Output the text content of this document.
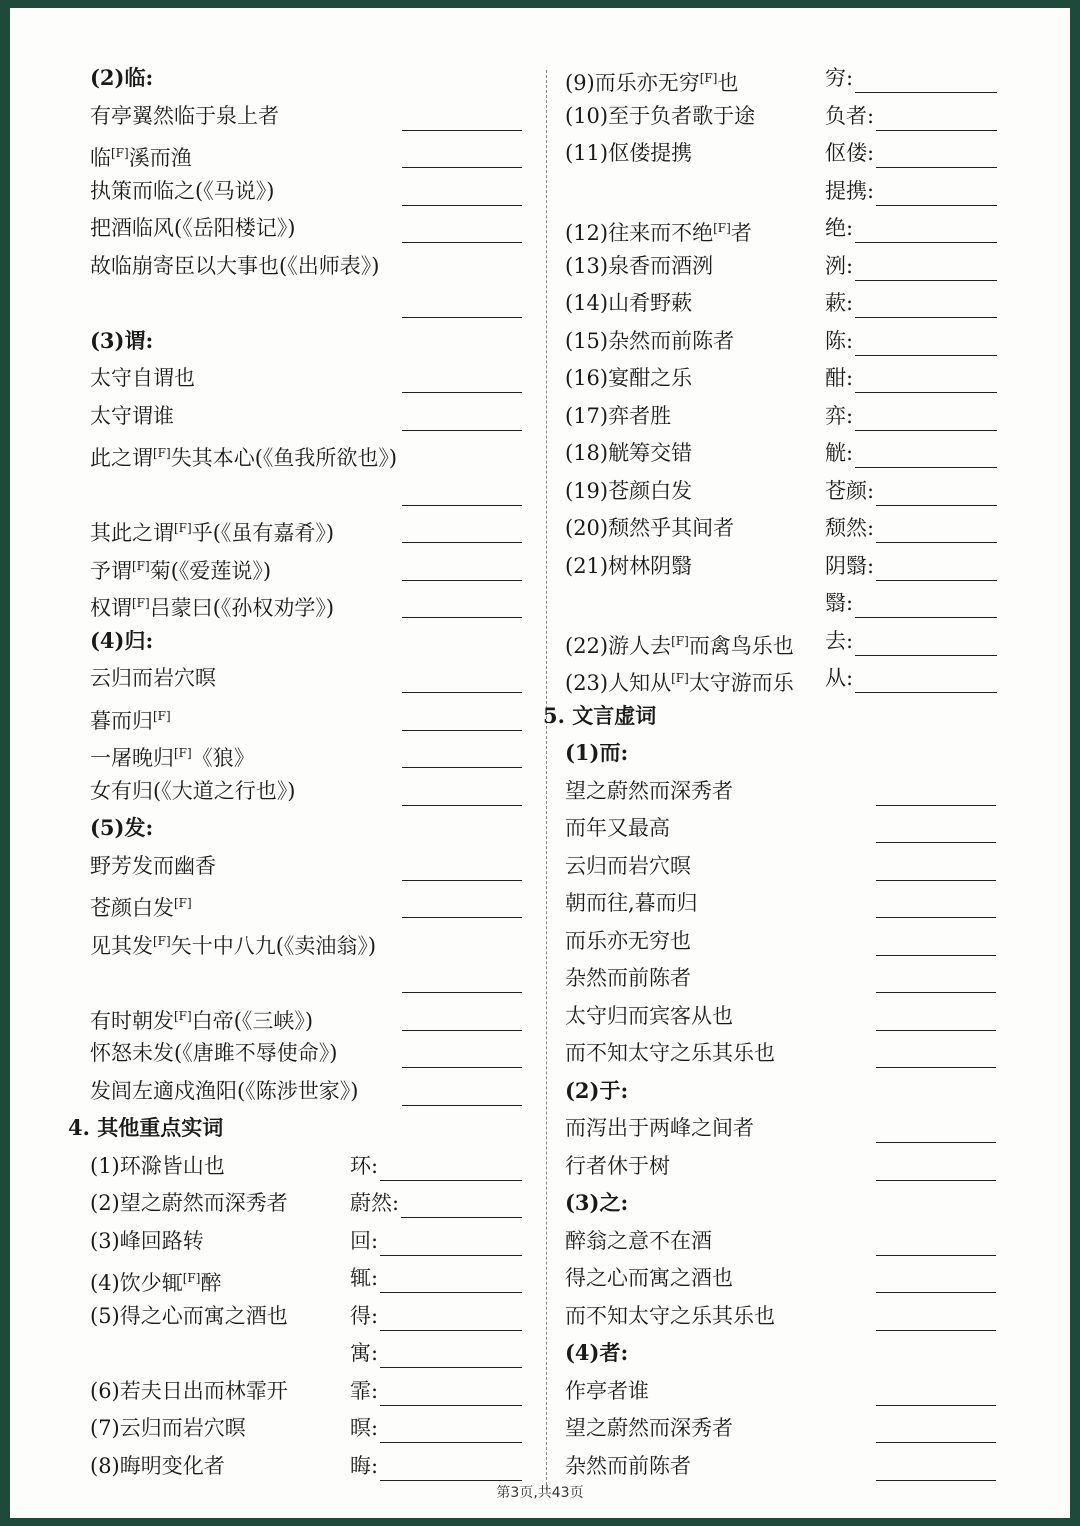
(2)临:
有亭翼然临于泉上者
临[F]溪而渔
执策而临之(《马说》)
把酒临风(《岳阳楼记》)
故临崩寄臣以大事也(《出师表》)
(3)谓:
太守自谓也
太守谓谁
此之谓[F]失其本心(《鱼我所欲也》)
其此之谓[F]乎(《虽有嘉肴》)
予谓[F]菊(《爱莲说》)
权谓[F]吕蒙曰(《孙权劝学》)
(4)归:
云归而岩穴暝
暮而归[F]
一屠晚归[F]《狼》
女有归(《大道之行也》)
(5)发:
野芳发而幽香
苍颜白发[F]
见其发[F]矢十中八九(《卖油翁》)
有时朝发[F]白帝(《三峡》)
怀怒未发(《唐雎不辱使命》)
发闾左適戍渔阳(《陈涉世家》)
4. 其他重点实词
(1)环滁皆山也	环:
(2)望之蔚然而深秀者	蔚然:
(3)峰回路转	回:
(4)饮少辄[F]醉	辄:
(5)得之心而寓之酒也	得:
寓:
(6)若夫日出而林霏开	霏:
(7)云归而岩穴暝	暝:
(8)晦明变化者	晦:
(9)而乐亦无穷[F]也	穷:
(10)至于负者歌于途	负者:
(11)伛偻提携	伛偻:
提携:
(12)往来而不绝[F]者	绝:
(13)泉香而酒洌	洌:
(14)山肴野蔌	蔌:
(15)杂然而前陈者	陈:
(16)宴酣之乐	酣:
(17)弈者胜	弈:
(18)觥筹交错	觥:
(19)苍颜白发	苍颜:
(20)颓然乎其间者	颓然:
(21)树林阴翳	阴翳:
翳:
(22)游人去[F]而禽鸟乐也 去:
(23)人知从[F]太守游而乐 从:
5. 文言虚词
(1)而:
望之蔚然而深秀者
而年又最高
云归而岩穴暝
朝而往,暮而归
而乐亦无穷也
杂然而前陈者
太守归而宾客从也
而不知太守之乐其乐也
(2)于:
而泻出于两峰之间者
行者休于树
(3)之:
醉翁之意不在酒
得之心而寓之酒也
而不知太守之乐其乐也
(4)者:
作亭者谁
望之蔚然而深秀者
杂然而前陈者
第3页,共43页
